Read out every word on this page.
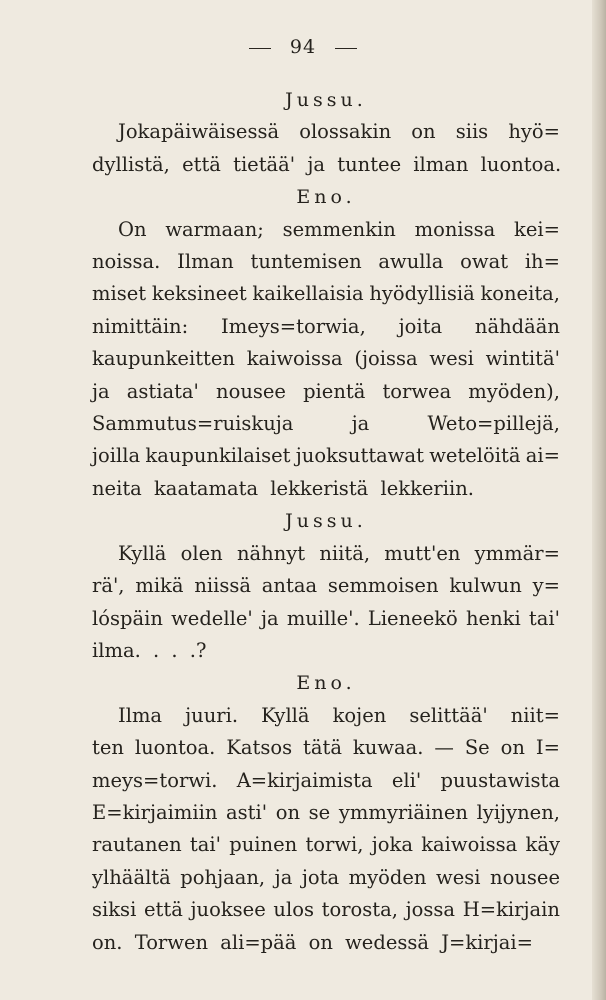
94
Jussu.
Jokapäiwäisessä olossakin on siis hyö=
dyllistä, että tietää' ja tuntee ilman luontoa.
Eno.
On warmaan; semmenkin monissa kei=
noissa. Ilman tuntemisen awulla owat ih=
miset keksineet kaikellaisia hyödyllisiä koneita,
nimittäin: Imeys=torwia, joita nähdään
kaupunkeitten kaiwoissa (joissa wesi wintitä'
ja astiata' nousee pientä torwea myöden),
Sammutus=ruiskuja	ja	Weto=pillejä,
joilla kaupunkilaiset juoksuttawat wetelöitä ai=
neita kaatamata lekkeristä lekkeriin.
Jussu.
Kyllä olen nähnyt niitä, mutt'en ymmär=
rä', mikä niissä antaa semmoisen kulwun y=
lóspäin wedelle' ja muille'. Lieneekö henki tai'
ilma. . . .?
Eno.
Ilma juuri. Kyllä kojen selittää' niit=
ten luontoa. Katsos tätä kuwaa. — Se on I=
meys=torwi. A=kirjaimista eli' puustawista
E=kirjaimiin asti' on se ymmyriäinen lyijynen,
rautanen tai' puinen torwi, joka kaiwoissa käy
ylhäältä pohjaan, ja jota myöden wesi nousee
siksi että juoksee ulos torosta, jossa H=kirjain
on. Torwen ali=pää on wedessä J=kirjai=
